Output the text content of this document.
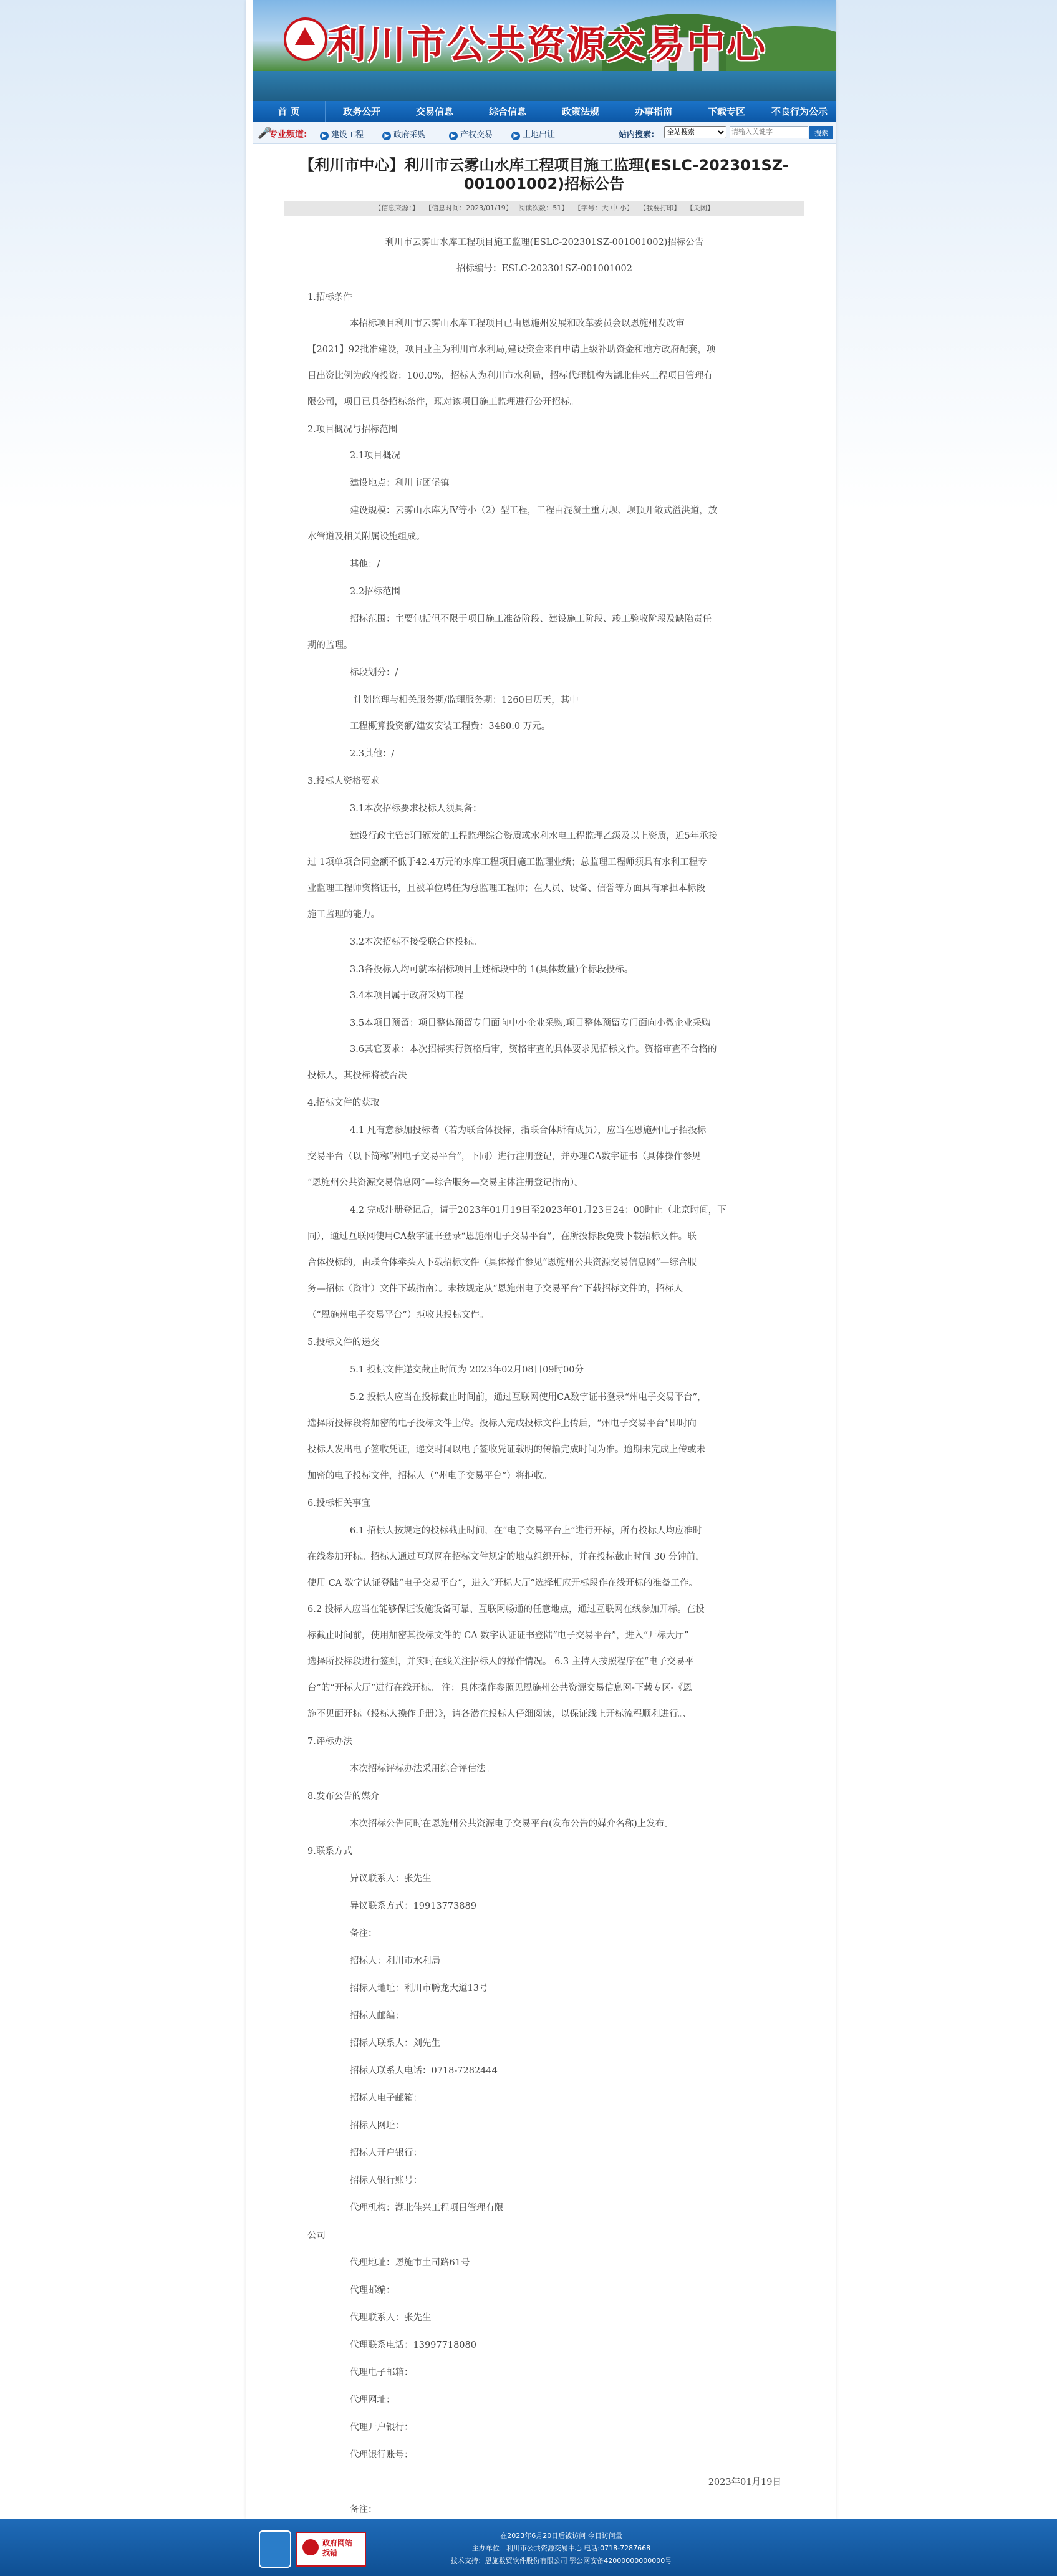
利川市公共资源交易中心
首 页	政务公开	交易信息	综合信息	政策法规	办事指南	下载专区	不良行为公示
🎤
专业频道:	▶ 建设工程	▶ 政府采购	▶ 产权交易	▶ 土地出让	站内搜索:
全站搜索
请输入关键字	搜索
【利川市中心】利川市云雾山水库工程项目施工监理(ESLC-202301SZ-
001001002)招标公告
【信息来源：】 【信息时间：2023/01/19】 阅读次数：51】 【字号：大 中 小】 【我要打印】 【关闭】

利川市云雾山水库工程项目施工监理(ESLC-202301SZ-001001002)招标公告

招标编号：ESLC-202301SZ-001001002

1.招标条件

本招标项目利川市云雾山水库工程项目已由恩施州发展和改革委员会以恩施州发改审

【2021】92批准建设，项目业主为利川市水利局,建设资金来自申请上级补助资金和地方政府配套，项

目出资比例为政府投资：100.0%，招标人为利川市水利局，招标代理机构为湖北佳兴工程项目管理有

限公司，项目已具备招标条件，现对该项目施工监理进行公开招标。

2.项目概况与招标范围

2.1项目概况

建设地点：利川市团堡镇

建设规模：云雾山水库为Ⅳ等小（2）型工程，工程由混凝土重力坝、坝顶开敞式溢洪道，放

水管道及相关附属设施组成。

其他：/

2.2招标范围

招标范围：主要包括但不限于项目施工准备阶段、建设施工阶段、竣工验收阶段及缺陷责任

期的监理。

标段划分：/

计划监理与相关服务期/监理服务期：1260日历天，其中

工程概算投资额/建安安装工程费：3480.0 万元。

2.3其他：/

3.投标人资格要求

3.1本次招标要求投标人须具备：

建设行政主管部门颁发的工程监理综合资质或水利水电工程监理乙级及以上资质，近5年承接

过 1项单项合同金额不低于42.4万元的水库工程项目施工监理业绩；总监理工程师须具有水利工程专

业监理工程师资格证书，且被单位聘任为总监理工程师；在人员、设备、信誉等方面具有承担本标段

施工监理的能力。

3.2本次招标不接受联合体投标。

3.3各投标人均可就本招标项目上述标段中的 1(具体数量)个标段投标。

3.4本项目属于政府采购工程

3.5本项目预留：项目整体预留专门面向中小企业采购,项目整体预留专门面向小微企业采购

3.6其它要求：本次招标实行资格后审，资格审查的具体要求见招标文件。资格审查不合格的

投标人，其投标将被否决

4.招标文件的获取

4.1 凡有意参加投标者（若为联合体投标，指联合体所有成员），应当在恩施州电子招投标

交易平台（以下简称“州电子交易平台”，下同）进行注册登记，并办理CA数字证书（具体操作参见

“恩施州公共资源交易信息网”—综合服务—交易主体注册登记指南）。

4.2 完成注册登记后，请于2023年01月19日至2023年01月23日24：00时止（北京时间，下

同），通过互联网使用CA数字证书登录“恩施州电子交易平台”，在所投标段免费下载招标文件。联

合体投标的，由联合体牵头人下载招标文件（具体操作参见“恩施州公共资源交易信息网”—综合服

务—招标（资审）文件下载指南）。未按规定从“恩施州电子交易平台”下载招标文件的，招标人

（“恩施州电子交易平台”）拒收其投标文件。

5.投标文件的递交

5.1 投标文件递交截止时间为 2023年02月08日09时00分

5.2 投标人应当在投标截止时间前，通过互联网使用CA数字证书登录“州电子交易平台”，

选择所投标段将加密的电子投标文件上传。投标人完成投标文件上传后，“州电子交易平台”即时向

投标人发出电子签收凭证，递交时间以电子签收凭证载明的传输完成时间为准。逾期未完成上传或未

加密的电子投标文件，招标人（“州电子交易平台”）将拒收。

6.投标相关事宜

6.1 招标人按规定的投标截止时间，在“电子交易平台上”进行开标，所有投标人均应准时

在线参加开标。招标人通过互联网在招标文件规定的地点组织开标，并在投标截止时间 30 分钟前，

使用 CA 数字认证登陆“电子交易平台”，进入“开标大厅”选择相应开标段作在线开标的准备工作。

6.2 投标人应当在能够保证设施设备可靠、互联网畅通的任意地点，通过互联网在线参加开标。在投

标截止时间前，使用加密其投标文件的 CA 数字认证证书登陆“电子交易平台”，进入“开标大厅”

选择所投标段进行签到，并实时在线关注招标人的操作情况。 6.3 主持人按照程序在“电子交易平

台”的“开标大厅”进行在线开标。 注：具体操作参照见恩施州公共资源交易信息网-下载专区-《恩

施不见面开标（投标人操作手册）》，请各潜在投标人仔细阅读，以保证线上开标流程顺利进行。、

7.评标办法

本次招标评标办法采用综合评估法。

8.发布公告的媒介

本次招标公告同时在恩施州公共资源电子交易平台(发布公告的媒介名称)上发布。

9.联系方式

异议联系人：张先生

异议联系方式：19913773889

备注：

招标人：利川市水利局

招标人地址：利川市腾龙大道13号

招标人邮编：

招标人联系人：刘先生

招标人联系人电话：0718-7282444

招标人电子邮箱：

招标人网址：

招标人开户银行：

招标人银行账号：

代理机构：湖北佳兴工程项目管理有限

公司

代理地址：恩施市土司路61号

代理邮编：

代理联系人：张先生

代理联系电话：13997718080

代理电子邮箱：

代理网址：

代理开户银行：

代理银行账号：

2023年01月19日

备注：

政府网站
找错
在2023年6月20日后被访问 今日访问量
主办单位：利川市公共资源交易中心 电话:0718-7287668
技术支持：恩施数贸软件股份有限公司 鄂公网安备42000000000000号
